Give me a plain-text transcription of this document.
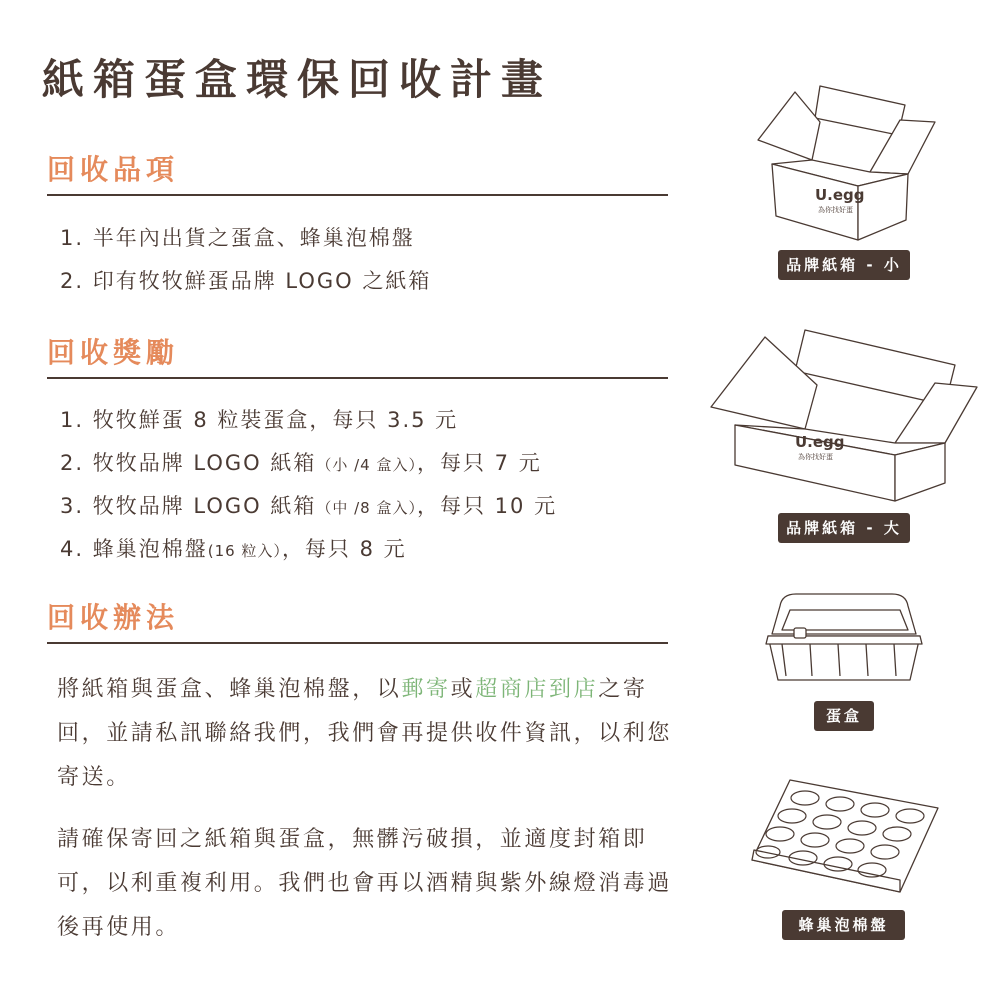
紙箱蛋盒環保回收計畫
回收品項
1. 半年內出貨之蛋盒、蜂巢泡棉盤
2. 印有牧牧鮮蛋品牌 LOGO 之紙箱
回收獎勵
1. 牧牧鮮蛋 8 粒裝蛋盒，每只 3.5 元
2. 牧牧品牌 LOGO 紙箱（小 /4 盒入），每只 7 元
3. 牧牧品牌 LOGO 紙箱（中 /8 盒入），每只 10 元
4. 蜂巢泡棉盤(16 粒入），每只 8 元
回收辦法

將紙箱與蛋盒、蜂巢泡棉盤，以郵寄或超商店到店之寄回，並請私訊聯絡我們，我們會再提供收件資訊，以利您寄送。

請確保寄回之紙箱與蛋盒，無髒污破損，並適度封箱即可，以利重複利用。我們也會再以酒精與紫外線燈消毒過後再使用。

U.egg
為你找好蛋
品牌紙箱 - 小
U.egg
為你找好蛋
品牌紙箱 - 大
蛋盒
蜂巢泡棉盤
